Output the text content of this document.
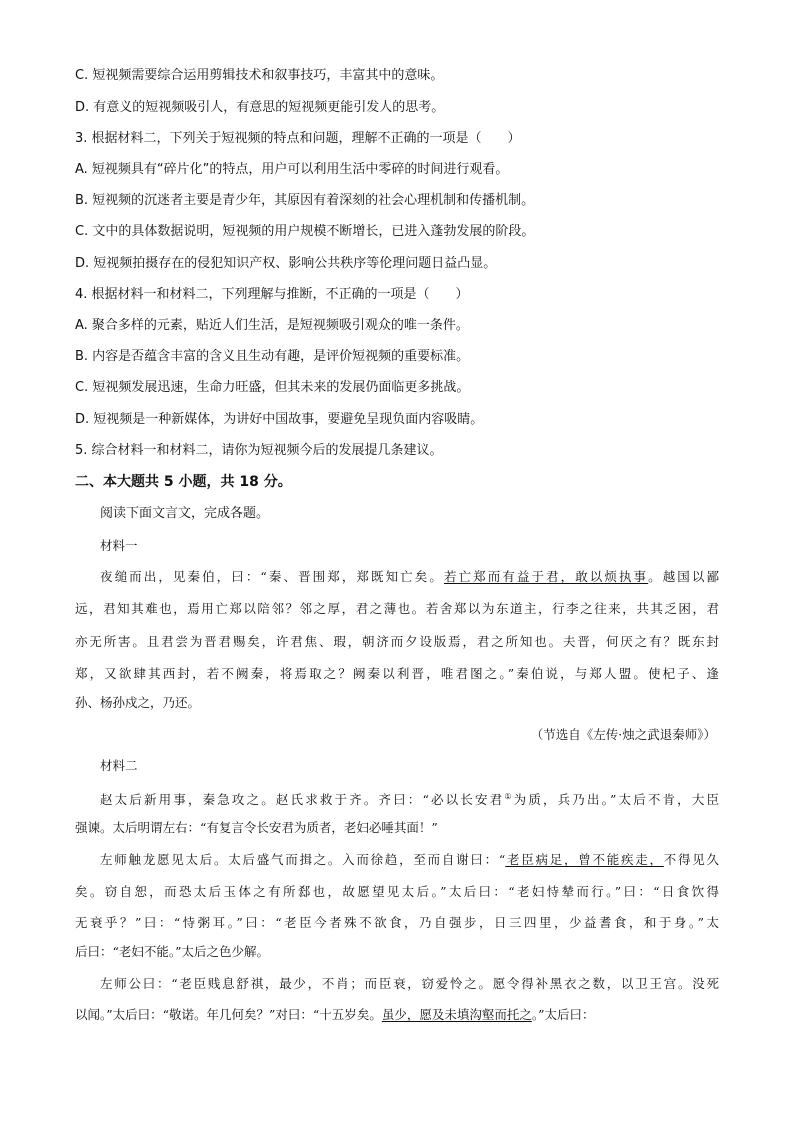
C. 短视频需要综合运用剪辑技术和叙事技巧，丰富其中的意味。
D. 有意义的短视频吸引人，有意思的短视频更能引发人的思考。
3. 根据材料二，下列关于短视频的特点和问题，理解不正确的一项是（　　）
A. 短视频具有“碎片化”的特点，用户可以利用生活中零碎的时间进行观看。
B. 短视频的沉迷者主要是青少年，其原因有着深刻的社会心理机制和传播机制。
C. 文中的具体数据说明，短视频的用户规模不断增长，已进入蓬勃发展的阶段。
D. 短视频拍摄存在的侵犯知识产权、影响公共秩序等伦理问题日益凸显。
4. 根据材料一和材料二，下列理解与推断，不正确的一项是（　　）
A. 聚合多样的元素，贴近人们生活，是短视频吸引观众的唯一条件。
B. 内容是否蕴含丰富的含义且生动有趣，是评价短视频的重要标准。
C. 短视频发展迅速，生命力旺盛，但其未来的发展仍面临更多挑战。
D. 短视频是一种新媒体，为讲好中国故事，要避免呈现负面内容吸睛。
5. 综合材料一和材料二，请你为短视频今后的发展提几条建议。
二、本大题共 5 小题，共 18 分。
阅读下面文言文，完成各题。
材料一
夜缒而出，见秦伯，曰：“秦、晋围郑，郑既知亡矣。若亡郑而有益于君，敢以烦执事。越国以鄙
远，君知其难也，焉用亡郑以陪邻？邻之厚，君之薄也。若舍郑以为东道主，行李之往来，共其乏困，君
亦无所害。且君尝为晋君赐矣，许君焦、瑕，朝济而夕设版焉，君之所知也。夫晋，何厌之有？既东封
郑，又欲肆其西封，若不阙秦，将焉取之？阙秦以利晋，唯君图之。”秦伯说，与郑人盟。使杞子、逢
孙、杨孙戍之，乃还。
（节选自《左传·烛之武退秦师》）
材料二
赵太后新用事，秦急攻之。赵氏求救于齐。齐曰：“必以长安君①为质，兵乃出。”太后不肯，大臣
强谏。太后明谓左右：“有复言令长安君为质者，老妇必唾其面！”
左师触龙愿见太后。太后盛气而揖之。入而徐趋，至而自谢曰：“老臣病足，曾不能疾走，不得见久
矣。窃自恕，而恐太后玉体之有所郄也，故愿望见太后。”太后曰：“老妇恃辇而行。”曰：“日食饮得
无衰乎？”曰：“恃粥耳。”曰：“老臣今者殊不欲食，乃自强步，日三四里，少益耆食，和于身。”太
后曰：“老妇不能。”太后之色少解。
左师公曰：“老臣贱息舒祺，最少，不肖；而臣衰，窃爱怜之。愿令得补黑衣之数，以卫王宫。没死
以闻。”太后曰：“敬诺。年几何矣？”对曰：“十五岁矣。虽少，愿及未填沟壑而托之。”太后曰：
